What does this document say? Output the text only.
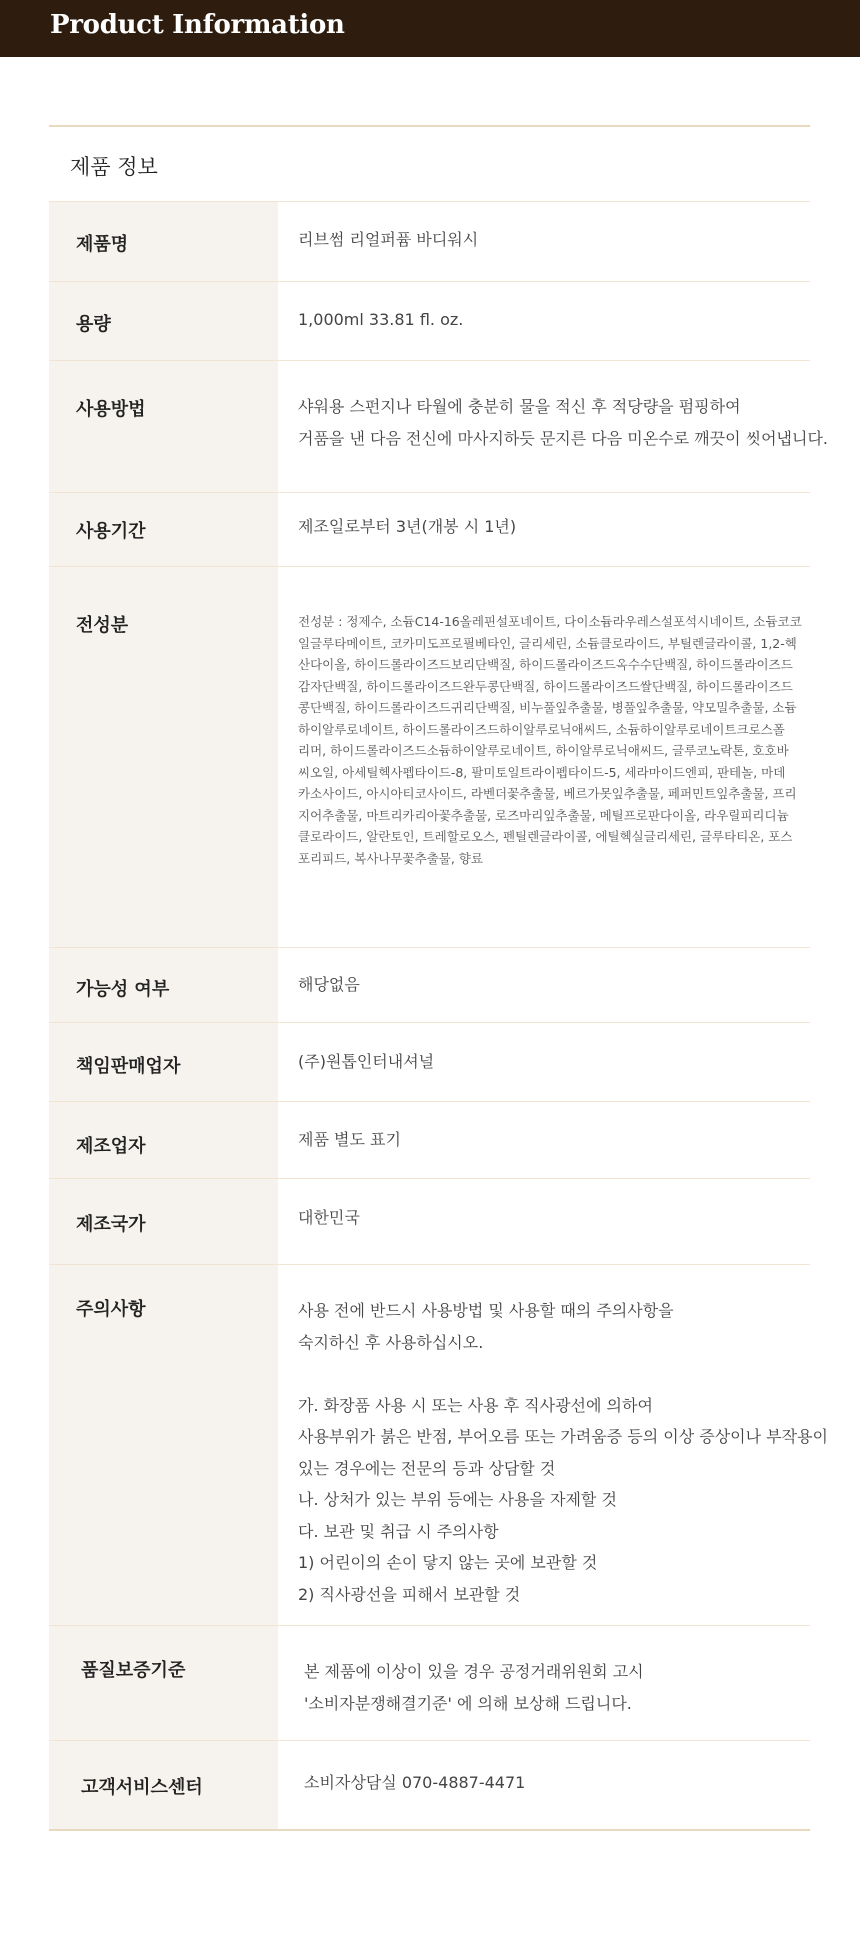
Product Information
제품 정보
제품명	리브썸 리얼퍼퓸 바디워시
용량	1,000ml 33.81 fl. oz.
사용방법	샤워용 스펀지나 타월에 충분히 물을 적신 후 적당량을 펌핑하여
거품을 낸 다음 전신에 마사지하듯 문지른 다음 미온수로 깨끗이 씻어냅니다.
사용기간	제조일로부터 3년(개봉 시 1년)
전성분	전성분 : 정제수, 소듐C14-16올레핀설포네이트, 다이소듐라우레스설포석시네이트, 소듐코코
일글루타메이트, 코카미도프로필베타인, 글리세린, 소듐클로라이드, 부틸렌글라이콜, 1,2-헥
산다이올, 하이드롤라이즈드보리단백질, 하이드롤라이즈드옥수수단백질, 하이드롤라이즈드
감자단백질, 하이드롤라이즈드완두콩단백질, 하이드롤라이즈드쌀단백질, 하이드롤라이즈드
콩단백질, 하이드롤라이즈드귀리단백질, 비누풀잎추출물, 병풀잎추출물, 약모밀추출물, 소듐
하이알루로네이트, 하이드롤라이즈드하이알루로닉애씨드, 소듐하이알루로네이트크로스폴
리머, 하이드롤라이즈드소듐하이알루로네이트, 하이알루로닉애씨드, 글루코노락톤, 호호바
씨오일, 아세틸헥사펩타이드-8, 팔미토일트라이펩타이드-5, 세라마이드엔피, 판테놀, 마데
카소사이드, 아시아티코사이드, 라벤더꽃추출물, 베르가못잎추출물, 페퍼민트잎추출물, 프리
지어추출물, 마트리카리아꽃추출물, 로즈마리잎추출물, 메틸프로판다이올, 라우릴피리디늄
클로라이드, 알란토인, 트레할로오스, 펜틸렌글라이콜, 에틸헥실글리세린, 글루타티온, 포스
포리피드, 복사나무꽃추출물, 향료
가능성 여부	해당없음
책임판매업자	(주)원톱인터내셔널
제조업자	제품 별도 표기
제조국가	대한민국
주의사항	사용 전에 반드시 사용방법 및 사용할 때의 주의사항을
숙지하신 후 사용하십시오.
가. 화장품 사용 시 또는 사용 후 직사광선에 의하여
사용부위가 붉은 반점, 부어오름 또는 가려움증 등의 이상 증상이나 부작용이
있는 경우에는 전문의 등과 상담할 것
나. 상처가 있는 부위 등에는 사용을 자제할 것
다. 보관 및 취급 시 주의사항
1) 어린이의 손이 닿지 않는 곳에 보관할 것
2) 직사광선을 피해서 보관할 것
품질보증기준	본 제품에 이상이 있을 경우 공정거래위원회 고시
'소비자분쟁해결기준' 에 의해 보상해 드립니다.
고객서비스센터	소비자상담실 070-4887-4471
